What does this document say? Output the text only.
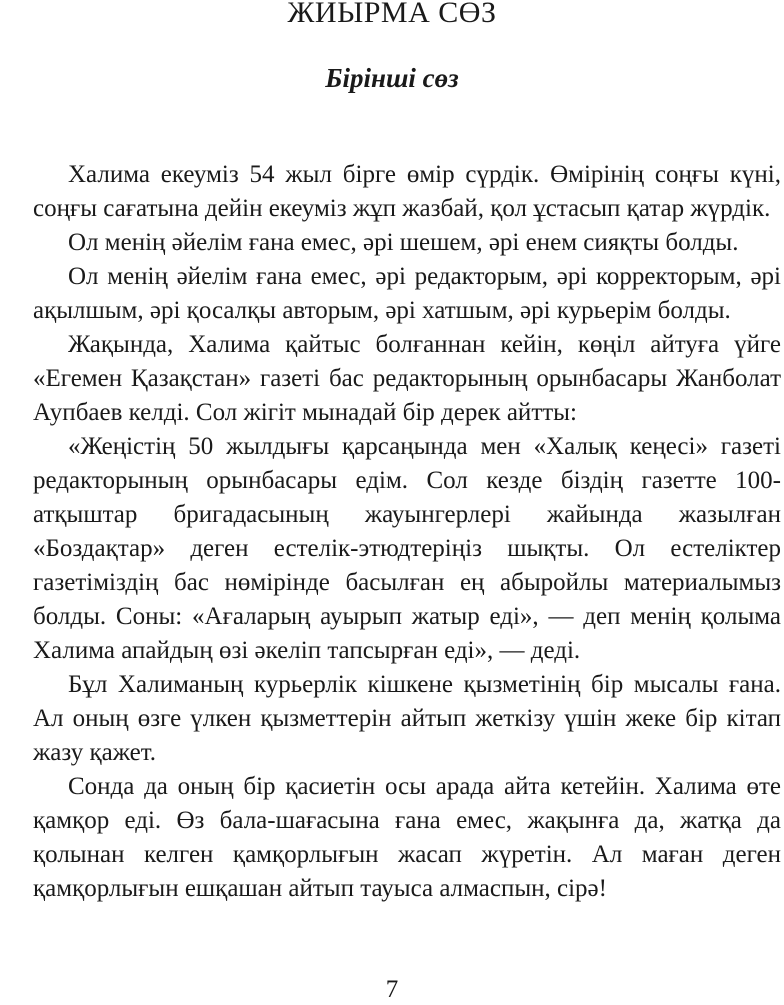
ЖИЫРМА СӨЗ
Бірінші сөз

Халима екеуміз 54 жыл бірге өмір сүрдік. Өмірінің соңғы күні, соңғы сағатына дейін екеуміз жұп жазбай, қол ұстасып қатар жүрдік.

Ол менің әйелім ғана емес, әрі шешем, әрі енем сияқты болды.

Ол менің әйелім ғана емес, әрі редакторым, әрі корректорым, әрі ақылшым, әрі қосалқы авторым, әрі хатшым, әрі курьерім болды.

Жақында, Халима қайтыс болғаннан кейін, көңіл айтуға үйге «Егемен Қазақстан» газеті бас редакторының орынбасары Жанболат Аупбаев келді. Сол жігіт мынадай бір дерек айтты:

«Жеңістің 50 жылдығы қарсаңында мен «Халық кеңесі» газеті редакторының орынбасары едім. Сол кезде біздің газетте 100-атқыштар бригадасының жауынгерлері жайында жазылған «Боздақтар» деген естелік-этюдтеріңіз шықты. Ол естеліктер газетіміздің бас нөмірінде басылған ең абыройлы материалымыз болды. Соны: «Ағаларың ауырып жатыр еді», — деп менің қолыма Халима апайдың өзі әкеліп тапсырған еді», — деді.

Бұл Халиманың курьерлік кішкене қызметінің бір мысалы ғана. Ал оның өзге үлкен қызметтерін айтып жеткізу үшін жеке бір кітап жазу қажет.

Сонда да оның бір қасиетін осы арада айта кетейін. Халима өте қамқор еді. Өз бала-шағасына ғана емес, жақынға да, жатқа да қолынан келген қамқорлығын жасап жүретін. Ал маған деген қамқорлығын ешқашан айтып тауыса алмаспын, сірә!

7
